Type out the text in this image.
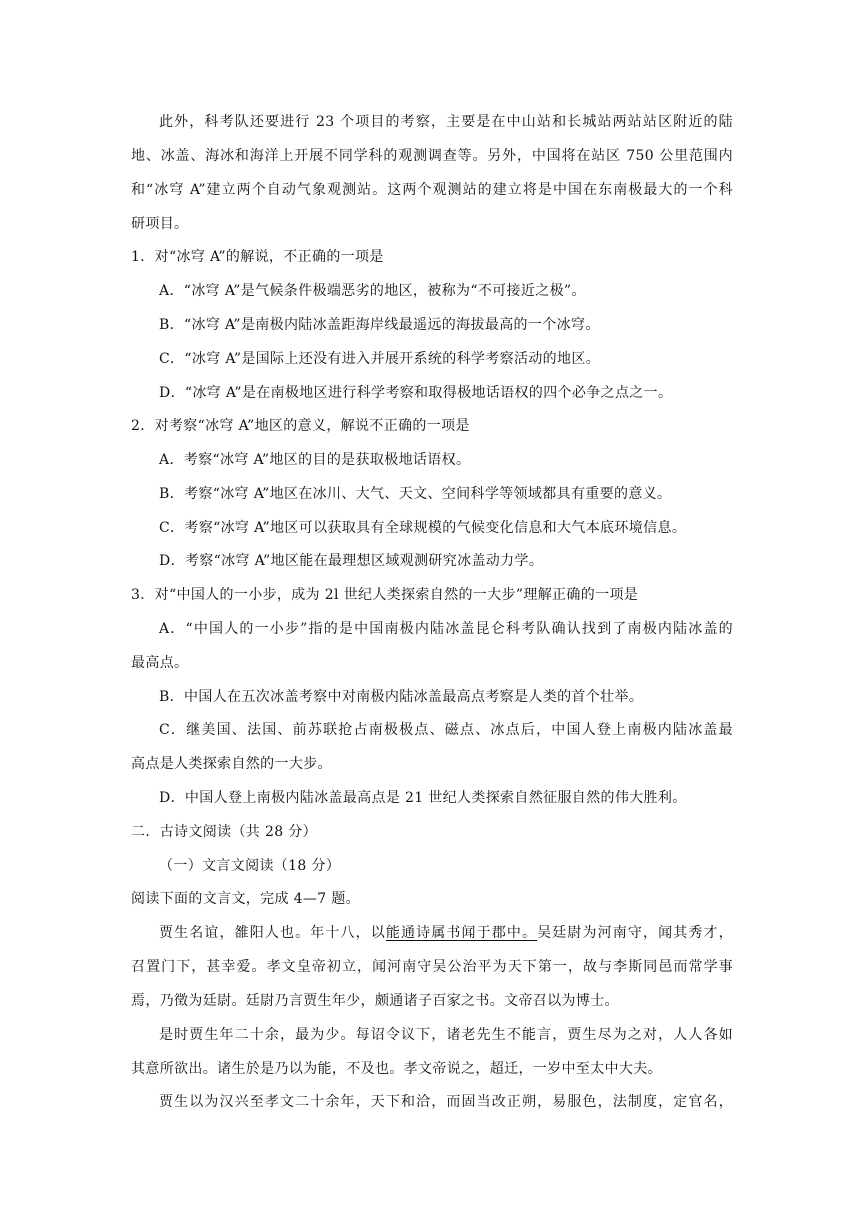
此外，科考队还要进行 23 个项目的考察，主要是在中山站和长城站两站站区附近的陆
地、冰盖、海冰和海洋上开展不同学科的观测调查等。另外，中国将在站区 750 公里范围内
和“冰穹 A”建立两个自动气象观测站。这两个观测站的建立将是中国在东南极最大的一个科
研项目。
1．对“冰穹 A”的解说，不正确的一项是
A．“冰穹 A”是气候条件极端恶劣的地区，被称为“不可接近之极”。
B．“冰穹 A”是南极内陆冰盖距海岸线最遥远的海拔最高的一个冰穹。
C．“冰穹 A”是国际上还没有进入并展开系统的科学考察活动的地区。
D．“冰穹 A”是在南极地区进行科学考察和取得极地话语权的四个必争之点之一。
2．对考察“冰穹 A”地区的意义，解说不正确的一项是
A．考察“冰穹 A”地区的目的是获取极地话语权。
B．考察“冰穹 A”地区在冰川、大气、天文、空间科学等领域都具有重要的意义。
C．考察“冰穹 A”地区可以获取具有全球规模的气候变化信息和大气本底环境信息。
D．考察“冰穹 A”地区能在最理想区域观测研究冰盖动力学。
3．对“中国人的一小步，成为 2l 世纪人类探索自然的一大步”理解正确的一项是
A．“中国人的一小步”指的是中国南极内陆冰盖昆仑科考队确认找到了南极内陆冰盖的
最高点。
B．中国人在五次冰盖考察中对南极内陆冰盖最高点考察是人类的首个壮举。
C．继美国、法国、前苏联抢占南极极点、磁点、冰点后，中国人登上南极内陆冰盖最
高点是人类探索自然的一大步。
D．中国人登上南极内陆冰盖最高点是 21 世纪人类探索自然征服自然的伟大胜利。
二．古诗文阅读（共 28 分）
（一）文言文阅读（18 分）
阅读下面的文言文，完成 4—7 题。
贾生名谊，雒阳人也。年十八，以能通诗属书闻于郡中。吴廷尉为河南守，闻其秀才，
召置门下，甚幸爱。孝文皇帝初立，闻河南守吴公治平为天下第一，故与李斯同邑而常学事
焉，乃徵为廷尉。廷尉乃言贾生年少，颇通诸子百家之书。文帝召以为博士。
是时贾生年二十余，最为少。每诏令议下，诸老先生不能言，贾生尽为之对，人人各如
其意所欲出。诸生於是乃以为能，不及也。孝文帝说之，超迁，一岁中至太中大夫。
贾生以为汉兴至孝文二十余年，天下和洽，而固当改正朔，易服色，法制度，定官名，
